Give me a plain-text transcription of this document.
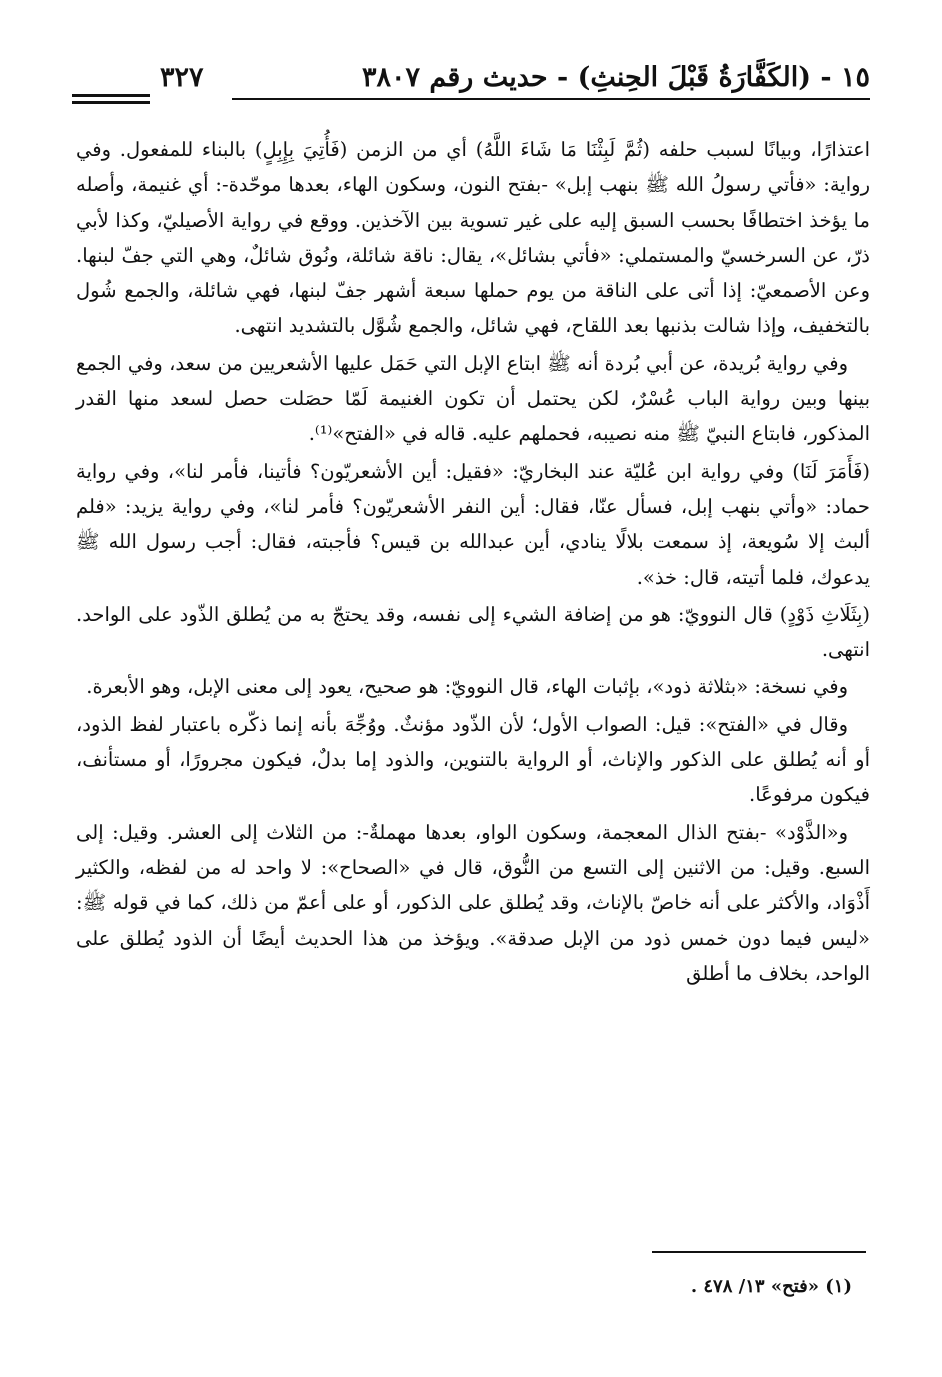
٣٢٧	١٥ - (الكَفَّارَةُ قَبْلَ الحِنثِ) - حديث رقم ٣٨٠٧

اعتذارًا، وبيانًا لسبب حلفه (ثُمَّ لَبِثْنَا مَا شَاءَ اللَّهُ) أي من الزمن (فَأُتِيَ بِإِبِلٍ) بالبناء للمفعول. وفي رواية: «فأتي رسولُ الله ﷺ بنهب إبل» -بفتح النون، وسكون الهاء، بعدها موحّدة-: أي غنيمة، وأصله ما يؤخذ اختطافًا بحسب السبق إليه على غير تسوية بين الآخذين. ووقع في رواية الأصيليّ، وكذا لأبي ذرّ، عن السرخسيّ والمستملي: «فأتي بشائل»، يقال: ناقة شائلة، ونُوق شائلٌ، وهي التي جفّ لبنها. وعن الأصمعيّ: إذا أتى على الناقة من يوم حملها سبعة أشهر جفّ لبنها، فهي شائلة، والجمع شُول بالتخفيف، وإذا شالت بذنبها بعد اللقاح، فهي شائل، والجمع شُوَّل بالتشديد انتهى.

وفي رواية بُريدة، عن أبي بُردة أنه ﷺ ابتاع الإبل التي حَمَل عليها الأشعريين من سعد، وفي الجمع بينها وبين رواية الباب عُسْرٌ، لكن يحتمل أن تكون الغنيمة لَمّا حصَلت حصل لسعد منها القدر المذكور، فابتاع النبيّ ﷺ منه نصيبه، فحملهم عليه. قاله في «الفتح»⁽¹⁾.

(فَأَمَرَ لَنَا) وفي رواية ابن عُليّة عند البخاريّ: «فقيل: أين الأشعريّون؟ فأتينا، فأمر لنا»، وفي رواية حماد: «وأتي بنهب إبل، فسأل عنّا، فقال: أين النفر الأشعريّون؟ فأمر لنا»، وفي رواية يزيد: «فلم ألبث إلا سُويعة، إذ سمعت بلالًا ينادي، أين عبدالله بن قيس؟ فأجبته، فقال: أجب رسول الله ﷺ يدعوك، فلما أتيته، قال: خذ».

(بِثَلَاثِ ذَوْدٍ) قال النوويّ: هو من إضافة الشيء إلى نفسه، وقد يحتجّ به من يُطلق الذّود على الواحد. انتهى.

وفي نسخة: «بثلاثة ذود»، بإثبات الهاء، قال النوويّ: هو صحيح، يعود إلى معنى الإبل، وهو الأبعرة.

وقال في «الفتح»: قيل: الصواب الأول؛ لأن الذّود مؤنثٌ. ووُجِّهَ بأنه إنما ذكّره باعتبار لفظ الذود، أو أنه يُطلق على الذكور والإناث، أو الرواية بالتنوين، والذود إما بدلٌ، فيكون مجرورًا، أو مستأنف، فيكون مرفوعًا.

و«الذَّوْد» -بفتح الذال المعجمة، وسكون الواو، بعدها مهملةٌ-: من الثلاث إلى العشر. وقيل: إلى السبع. وقيل: من الاثنين إلى التسع من النُّوق، قال في «الصحاح»: لا واحد له من لفظه، والكثير أَذْوَاد، والأكثر على أنه خاصّ بالإناث، وقد يُطلق على الذكور، أو على أعمّ من ذلك، كما في قوله ﷺ: «ليس فيما دون خمس ذود من الإبل صدقة». ويؤخذ من هذا الحديث أيضًا أن الذود يُطلق على الواحد، بخلاف ما أطلق

(١) «فتح» ١٣/ ٤٧٨ .
